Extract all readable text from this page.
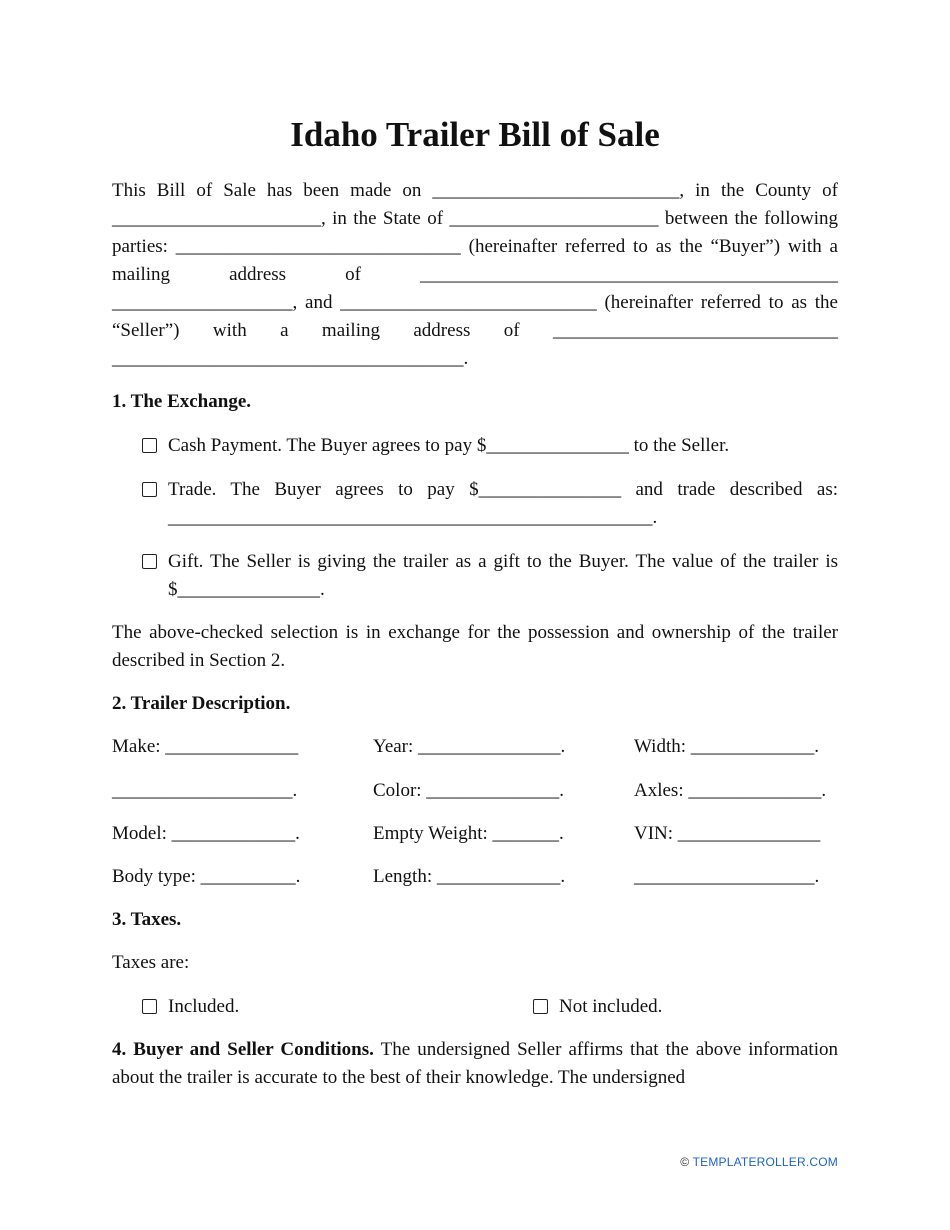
Idaho Trailer Bill of Sale

This Bill of Sale has been made on __________________________, in the County of ______________________, in the State of ______________________ between the following parties: ______________________________ (hereinafter referred to as the “Buyer”) with a mailing address of ____________________________________________ ___________________, and ___________________________ (hereinafter referred to as the “Seller”) with a mailing address of ______________________________ _____________________________________.

1. The Exchange.

Cash Payment. The Buyer agrees to pay $_______________ to the Seller.
Trade. The Buyer agrees to pay $_______________ and trade described as: ___________________________________________________.
Gift. The Seller is giving the trailer as a gift to the Buyer. The value of the trailer is $_______________.

The above-checked selection is in exchange for the possession and ownership of the trailer described in Section 2.

2. Trailer Description.

Make: ______________	Year: _______________.	Width: _____________.
___________________.	Color: ______________.	Axles: ______________.
Model: _____________.	Empty Weight: _______.	VIN: _______________
Body type: __________.	Length: _____________.	___________________.

3. Taxes.

Taxes are:

Included.	Not included.

4. Buyer and Seller Conditions. The undersigned Seller affirms that the above information about the trailer is accurate to the best of their knowledge. The undersigned

© TEMPLATEROLLER.COM
